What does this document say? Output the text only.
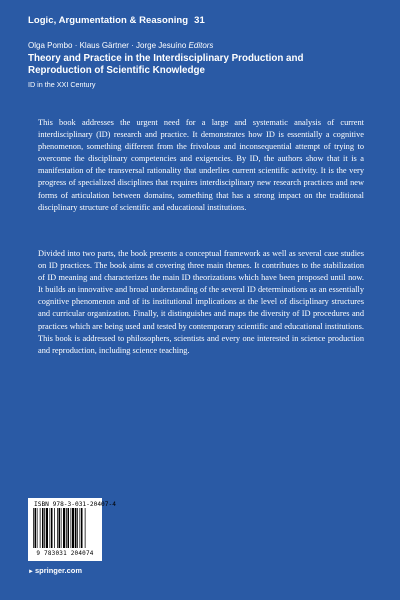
Logic, Argumentation & Reasoning 31
Olga Pombo · Klaus Gärtner · Jorge Jesuíno Editors
Theory and Practice in the Interdisciplinary Production and Reproduction of Scientific Knowledge
ID in the XXI Century

This book addresses the urgent need for a large and systematic analysis of current interdisciplinary (ID) research and practice. It demonstrates how ID is essentially a cognitive phenomenon, something different from the frivolous and inconsequential attempt of trying to overcome the disciplinary competencies and exigencies. By ID, the authors show that it is a manifestation of the transversal rationality that underlies current scientific activity. It is the very progress of specialized disciplines that requires interdisciplinary new research practices and new forms of articulation between domains, something that has a strong impact on the traditional disciplinary structure of scientific and educational institutions.

Divided into two parts, the book presents a conceptual framework as well as several case studies on ID practices. The book aims at covering three main themes. It contributes to the stabilization of ID meaning and characterizes the main ID theorizations which have been proposed until now. It builds an innovative and broad understanding of the several ID determinations as an essentially cognitive phenomenon and of its institutional implications at the level of disciplinary structures and curricular organization. Finally, it distinguishes and maps the diversity of ID procedures and practices which are being used and tested by contemporary scientific and educational institutions. This book is addressed to philosophers, scientists and every one interested in science production and reproduction, including science teaching.

ISBN 978-3-031-20407-4
9 783031 204074
►springer.com
